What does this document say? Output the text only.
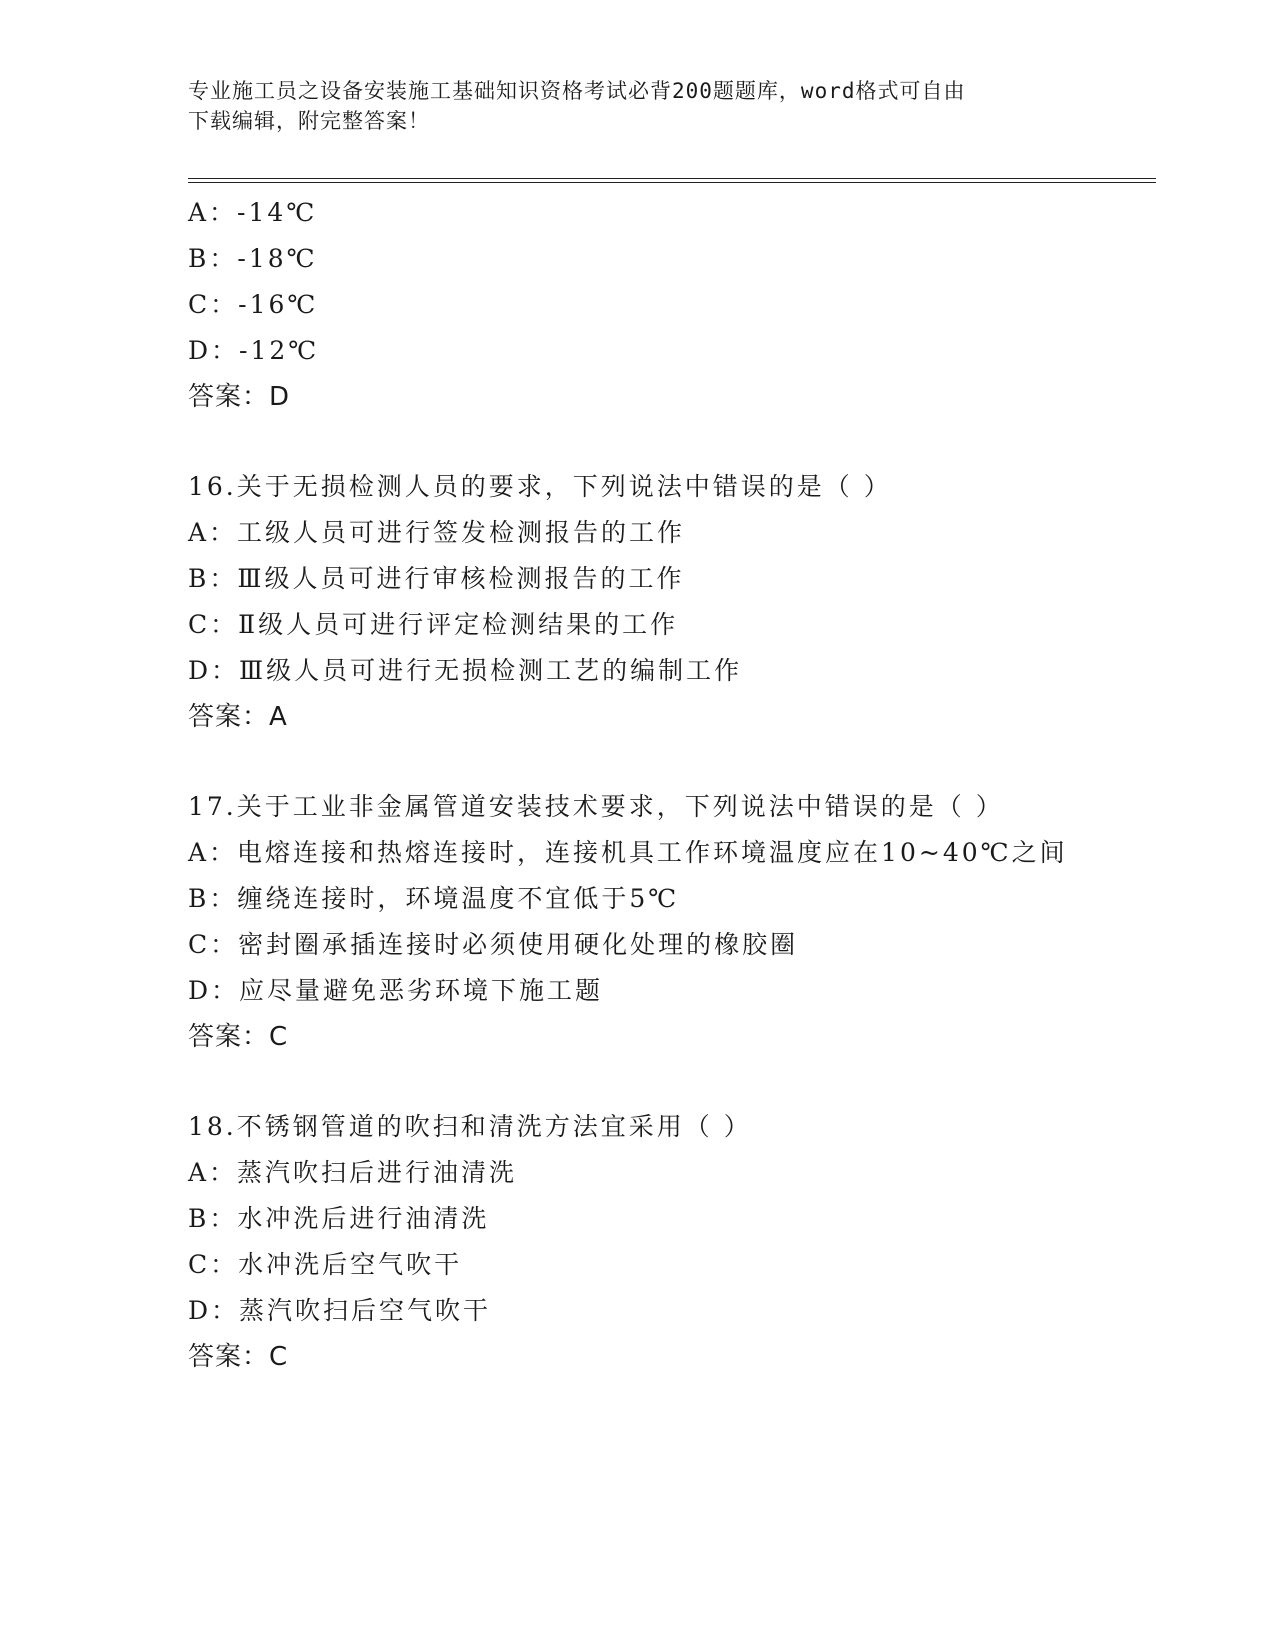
专业施工员之设备安装施工基础知识资格考试必背200题题库，word格式可自由
下载编辑，附完整答案！
A：-14℃
B：-18℃
C：-16℃
D：-12℃
答案：D
16.关于无损检测人员的要求，下列说法中错误的是（ ）
A：工级人员可进行签发检测报告的工作
B：Ⅲ级人员可进行审核检测报告的工作
C：Ⅱ级人员可进行评定检测结果的工作
D：Ⅲ级人员可进行无损检测工艺的编制工作
答案：A
17.关于工业非金属管道安装技术要求，下列说法中错误的是（ ）
A：电熔连接和热熔连接时，连接机具工作环境温度应在10~40℃之间
B：缠绕连接时，环境温度不宜低于5℃
C：密封圈承插连接时必须使用硬化处理的橡胶圈
D：应尽量避免恶劣环境下施工题
答案：C
18.不锈钢管道的吹扫和清洗方法宜采用（ ）
A：蒸汽吹扫后进行油清洗
B：水冲洗后进行油清洗
C：水冲洗后空气吹干
D：蒸汽吹扫后空气吹干
答案：C
